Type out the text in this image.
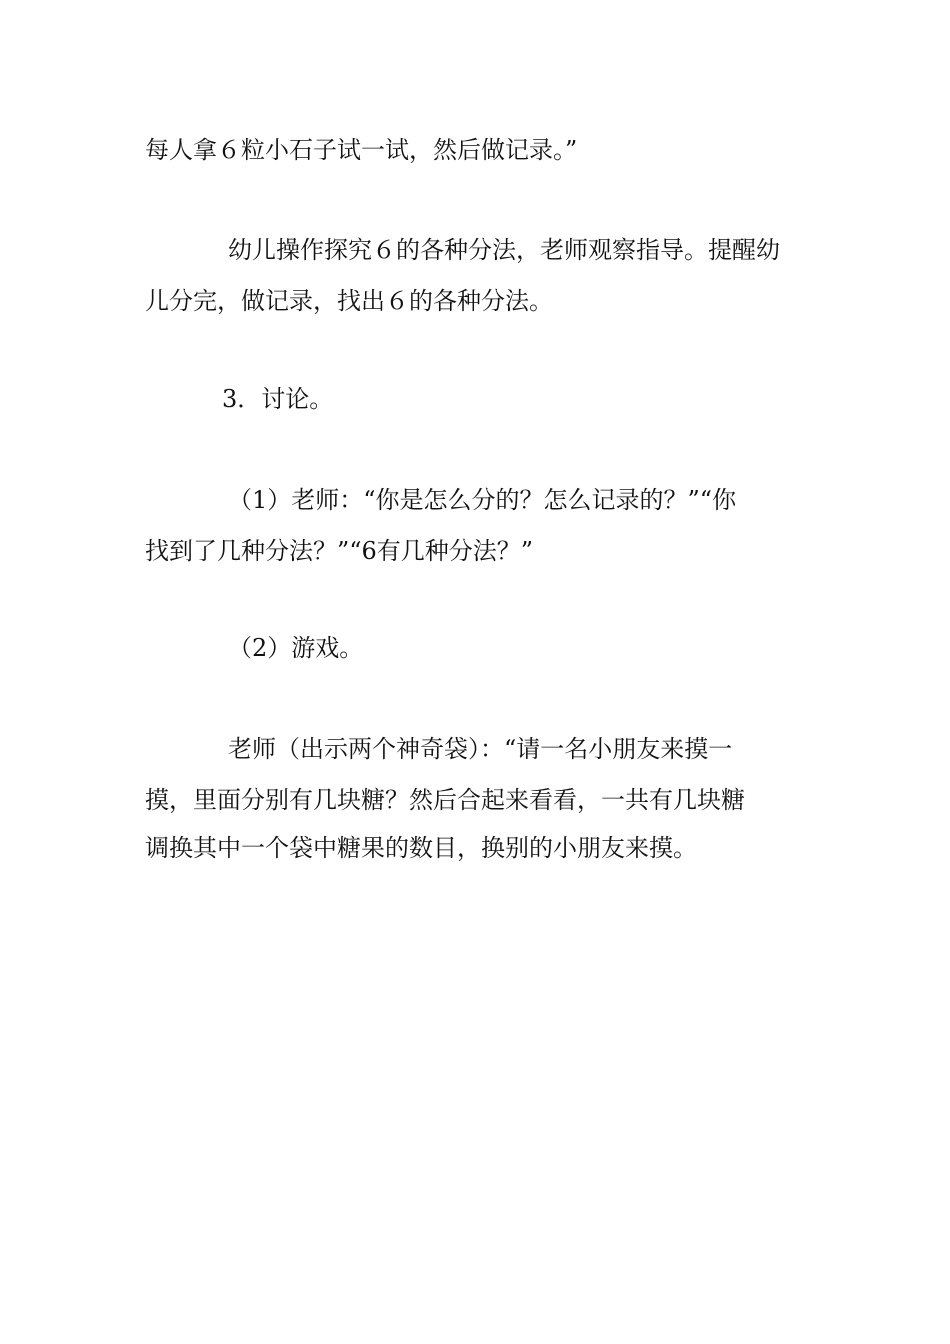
每人拿６粒小石子试一试，然后做记录。”
幼儿操作探究６的各种分法，老师观察指导。提醒幼
儿分完，做记录，找出６的各种分法。
3．讨论。
（1）老师：“你是怎么分的？怎么记录的？”“你
找到了几种分法？”“6有几种分法？”
（2）游戏。
老师（出示两个神奇袋）：“请一名小朋友来摸一
摸，里面分别有几块糖？然后合起来看看，一共有几块糖
调换其中一个袋中糖果的数目，换别的小朋友来摸。
